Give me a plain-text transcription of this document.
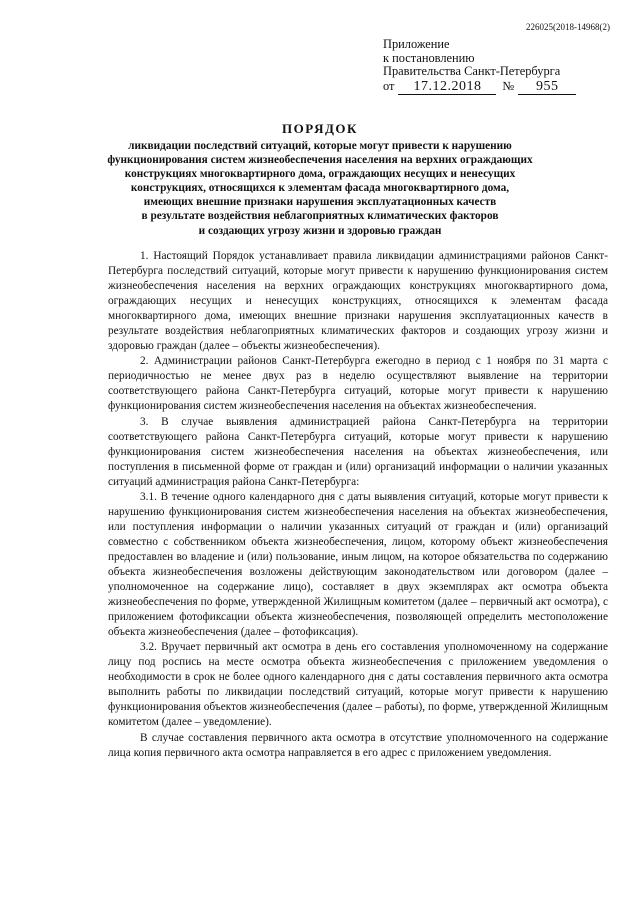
226025(2018-14968(2)
Приложение
к постановлению
Правительства Санкт-Петербурга
от 17.12.2018 № 955
ПОРЯДОК
ликвидации последствий ситуаций, которые могут привести к нарушению
функционирования систем жизнеобеспечения населения на верхних ограждающих
конструкциях многоквартирного дома, ограждающих несущих и ненесущих
конструкциях, относящихся к элементам фасада многоквартирного дома,
имеющих внешние признаки нарушения эксплуатационных качеств
в результате воздействия неблагоприятных климатических факторов
и создающих угрозу жизни и здоровью граждан

1. Настоящий Порядок устанавливает правила ликвидации администрациями районов Санкт-Петербурга последствий ситуаций, которые могут привести к нарушению функционирования систем жизнеобеспечения населения на верхних ограждающих конструкциях многоквартирного дома, ограждающих несущих и ненесущих конструкциях, относящихся к элементам фасада многоквартирного дома, имеющих внешние признаки нарушения эксплуатационных качеств в результате воздействия неблагоприятных климатических факторов и создающих угрозу жизни и здоровью граждан (далее – объекты жизнеобеспечения).

2. Администрации районов Санкт-Петербурга ежегодно в период с 1 ноября по 31 марта с периодичностью не менее двух раз в неделю осуществляют выявление на территории соответствующего района Санкт-Петербурга ситуаций, которые могут привести к нарушению функционирования систем жизнеобеспечения населения на объектах жизнеобеспечения.

3. В случае выявления администрацией района Санкт-Петербурга на территории соответствующего района Санкт-Петербурга ситуаций, которые могут привести к нарушению функционирования систем жизнеобеспечения населения на объектах жизнеобеспечения, или поступления в письменной форме от граждан и (или) организаций информации о наличии указанных ситуаций администрация района Санкт-Петербурга:

3.1. В течение одного календарного дня с даты выявления ситуаций, которые могут привести к нарушению функционирования систем жизнеобеспечения населения на объектах жизнеобеспечения, или поступления информации о наличии указанных ситуаций от граждан и (или) организаций совместно с собственником объекта жизнеобеспечения, лицом, которому объект жизнеобеспечения предоставлен во владение и (или) пользование, иным лицом, на которое обязательства по содержанию объекта жизнеобеспечения возложены действующим законодательством или договором (далее – уполномоченное на содержание лицо), составляет в двух экземплярах акт осмотра объекта жизнеобеспечения по форме, утвержденной Жилищным комитетом (далее – первичный акт осмотра), с приложением фотофиксации объекта жизнеобеспечения, позволяющей определить местоположение объекта жизнеобеспечения (далее – фотофиксация).

3.2. Вручает первичный акт осмотра в день его составления уполномоченному на содержание лицу под роспись на месте осмотра объекта жизнеобеспечения с приложением уведомления о необходимости в срок не более одного календарного дня с даты составления первичного акта осмотра выполнить работы по ликвидации последствий ситуаций, которые могут привести к нарушению функционирования объектов жизнеобеспечения (далее – работы), по форме, утвержденной Жилищным комитетом (далее – уведомление).

В случае составления первичного акта осмотра в отсутствие уполномоченного на содержание лица копия первичного акта осмотра направляется в его адрес с приложением уведомления.
